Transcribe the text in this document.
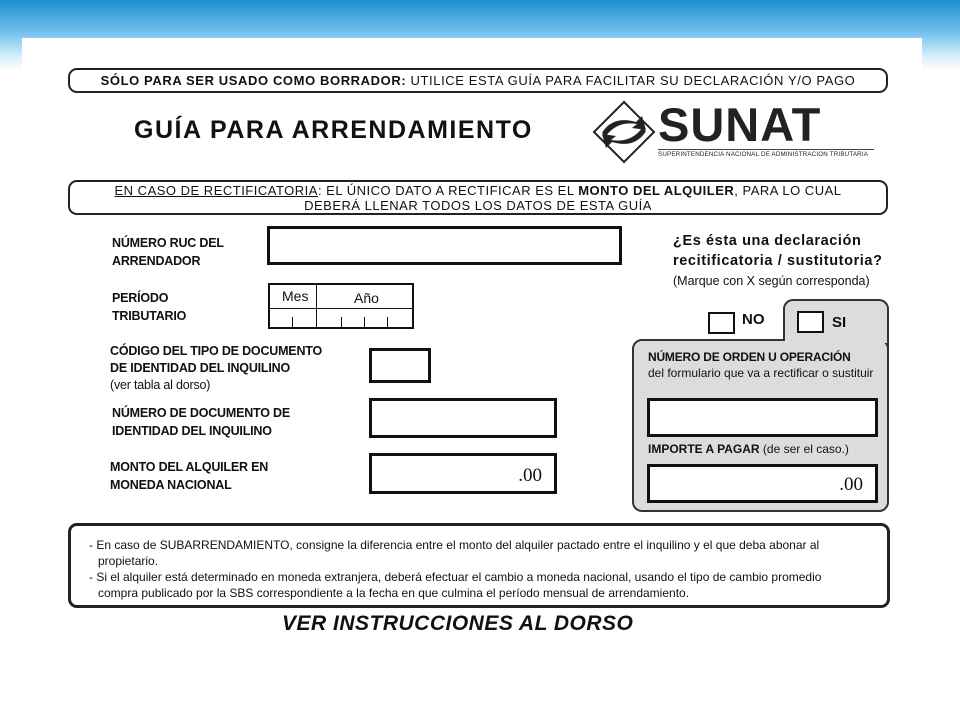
SÓLO PARA SER USADO COMO BORRADOR: UTILICE ESTA GUÍA PARA FACILITAR SU DECLARACIÓN Y/O PAGO
GUÍA PARA ARRENDAMIENTO	SUNAT
SUPERINTENDENCIA NACIONAL DE ADMINISTRACION TRIBUTARIA
EN CASO DE RECTIFICATORIA: EL ÚNICO DATO A RECTIFICAR ES EL MONTO DEL ALQUILER, PARA LO CUAL
DEBERÁ LLENAR TODOS LOS DATOS DE ESTA GUÍA
NÚMERO RUC DEL
ARRENDADOR
PERÍODO
TRIBUTARIO
Mes	Año
CÓDIGO DEL TIPO DE DOCUMENTO
DE IDENTIDAD DEL INQUILINO
(ver tabla al dorso)
NÚMERO DE DOCUMENTO DE
IDENTIDAD DEL INQUILINO
MONTO DEL ALQUILER EN
MONEDA NACIONAL	.00
¿Es ésta una declaración
recitificatoria / sustitutoria?
(Marque con X según corresponda)
NO	SI
NÚMERO DE ORDEN U OPERACIÓN
del formulario que va a rectificar o sustituir
IMPORTE A PAGAR (de ser el caso.)
.00

- En caso de SUBARRENDAMIENTO, consigne la diferencia entre el monto del alquiler pactado entre el inquilino y el que deba abonar al

propietario.

- Si el alquiler está determinado en moneda extranjera, deberá efectuar el cambio a moneda nacional, usando el tipo de cambio promedio

compra publicado por la SBS correspondiente a la fecha en que culmina el período mensual de arrendamiento.

VER INSTRUCCIONES AL DORSO
